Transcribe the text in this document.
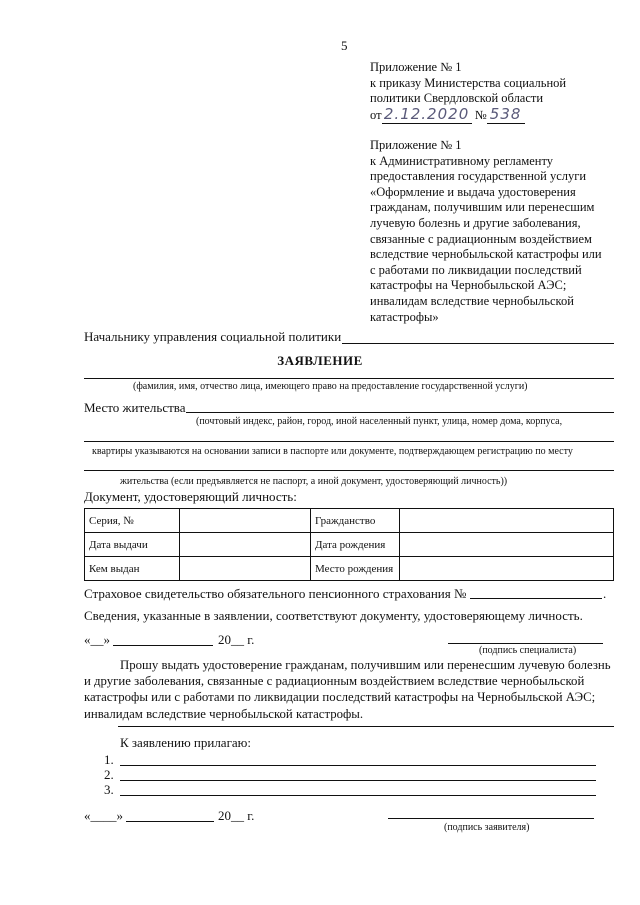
5
Приложение № 1
к приказу Министерства социальной
политики Свердловской области
от 2.12.2020 № 538
Приложение № 1
к Административному регламенту
предоставления государственной услуги
«Оформление и выдача удостоверения
гражданам, получившим или перенесшим
лучевую болезнь и другие заболевания,
связанные с радиационным воздействием
вследствие чернобыльской катастрофы или
с работами по ликвидации последствий
катастрофы на Чернобыльской АЭС;
инвалидам вследствие чернобыльской
катастрофы»
Начальнику управления социальной политики
ЗАЯВЛЕНИЕ
(фамилия, имя, отчество лица, имеющего право на предоставление государственной услуги)
Место жительства
(почтовый индекс, район, город, иной населенный пункт, улица, номер дома, корпуса,
квартиры указываются на основании записи в паспорте или документе, подтверждающем регистрацию по месту
жительства (если предъявляется не паспорт, а иной документ, удостоверяющий личность))
Документ, удостоверяющий личность:
Серия, №		Гражданство	
Дата выдачи		Дата рождения	
Кем выдан		Место рождения	
Страховое свидетельство обязательного пенсионного страхования №	.
Сведения, указанные в заявлении, соответствуют документу, удостоверяющему личность.
«__»	20__ г.
(подпись специалиста)
Прошу выдать удостоверение гражданам, получившим или перенесшим лучевую болезнь
и другие заболевания, связанные с радиационным воздействием вследствие чернобыльской
катастрофы или с работами по ликвидации последствий катастрофы на Чернобыльской АЭС;
инвалидам вследствие чернобыльской катастрофы.
К заявлению прилагаю:
1.
2.
3.
«____»	20__ г.
(подпись заявителя)
